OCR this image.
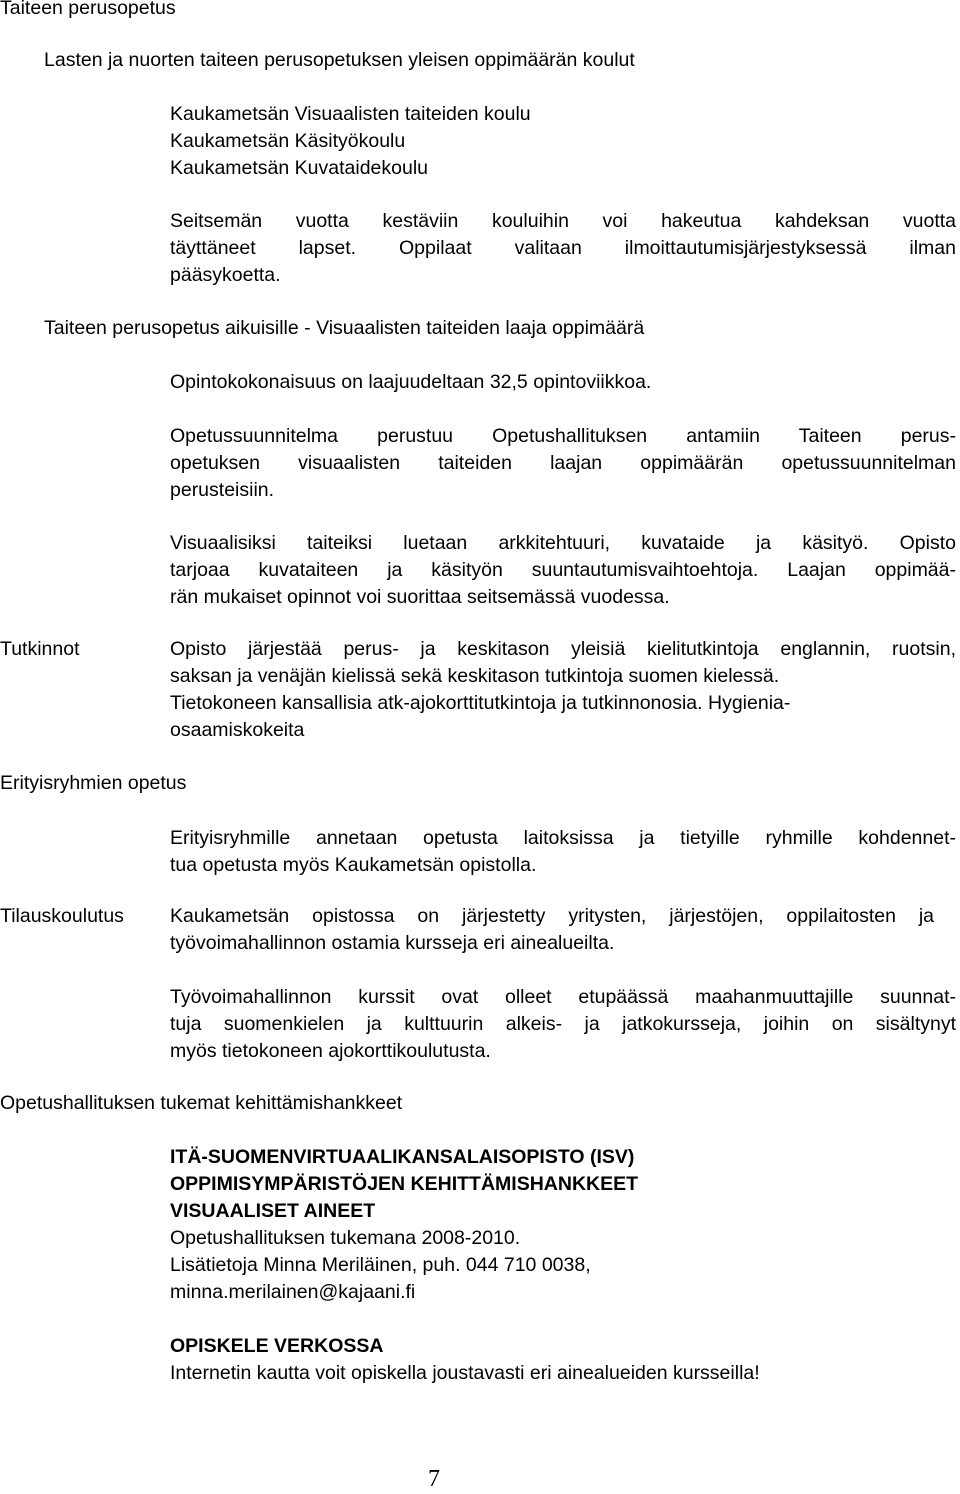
Taiteen perusopetus
Lasten ja nuorten taiteen perusopetuksen yleisen oppimäärän koulut
Kaukametsän Visuaalisten taiteiden koulu
Kaukametsän Käsityökoulu
Kaukametsän Kuvataidekoulu
Seitsemän vuotta kestäviin kouluihin voi hakeutua kahdeksan vuotta
täyttäneet lapset. Oppilaat valitaan ilmoittautumisjärjestyksessä ilman
pääsykoetta.
Taiteen perusopetus aikuisille - Visuaalisten taiteiden laaja oppimäärä
Opintokokonaisuus on laajuudeltaan 32,5 opintoviikkoa.
Opetussuunnitelma perustuu Opetushallituksen antamiin Taiteen perus-
opetuksen visuaalisten taiteiden laajan oppimäärän opetussuunnitelman
perusteisiin.
Visuaalisiksi taiteiksi luetaan arkkitehtuuri, kuvataide ja käsityö. Opisto
tarjoaa kuvataiteen ja käsityön suuntautumisvaihtoehtoja. Laajan oppimää-
rän mukaiset opinnot voi suorittaa seitsemässä vuodessa.
Tutkinnot	Opisto järjestää perus- ja keskitason yleisiä kielitutkintoja englannin, ruotsin,
saksan ja venäjän kielissä sekä keskitason tutkintoja suomen kielessä.
Tietokoneen kansallisia atk-ajokorttitutkintoja ja tutkinnonosia. Hygienia-
osaamiskokeita
Erityisryhmien opetus
Erityisryhmille annetaan opetusta laitoksissa ja tietyille ryhmille kohdennet-
tua opetusta myös Kaukametsän opistolla.
Tilauskoulutus Kaukametsän opistossa on järjestetty yritysten, järjestöjen, oppilaitosten ja
työvoimahallinnon ostamia kursseja eri ainealueilta.
Työvoimahallinnon kurssit ovat olleet etupäässä maahanmuuttajille suunnat-
tuja suomenkielen ja kulttuurin alkeis- ja jatkokursseja, joihin on sisältynyt
myös tietokoneen ajokorttikoulutusta.
Opetushallituksen tukemat kehittämishankkeet
ITÄ-SUOMENVIRTUAALIKANSALAISOPISTO (ISV)
OPPIMISYMPÄRISTÖJEN KEHITTÄMISHANKKEET
VISUAALISET AINEET
Opetushallituksen tukemana 2008-2010.
Lisätietoja Minna Meriläinen, puh. 044 710 0038,
minna.merilainen@kajaani.fi
OPISKELE VERKOSSA
Internetin kautta voit opiskella joustavasti eri ainealueiden kursseilla!
7
